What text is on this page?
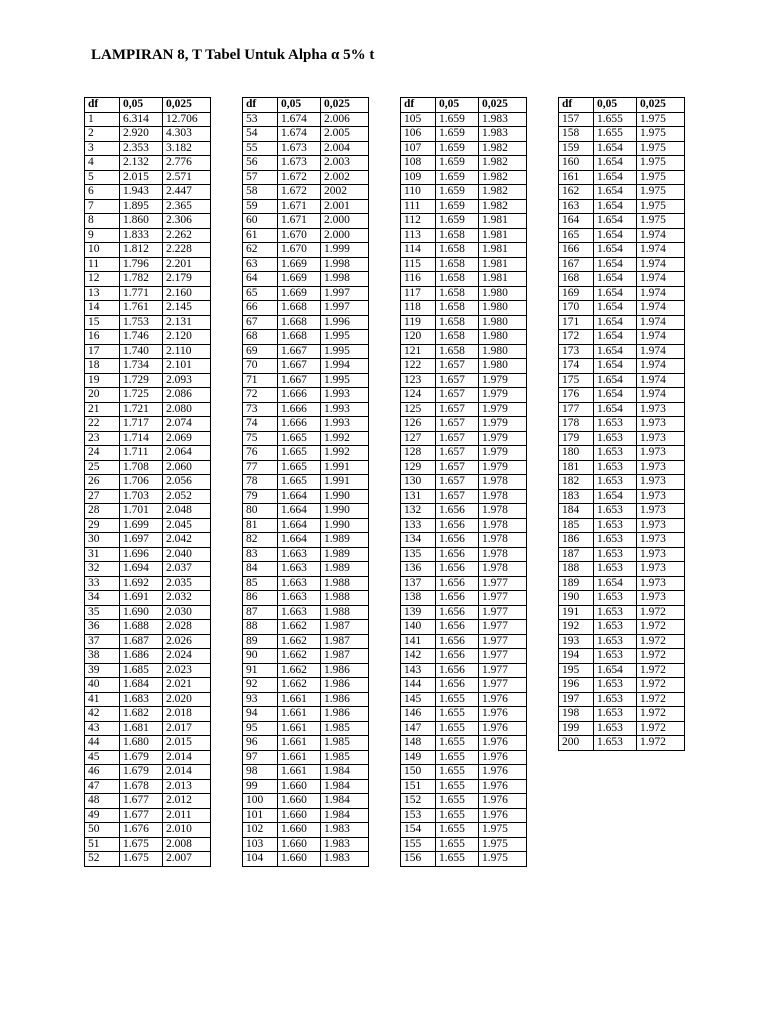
LAMPIRAN 8, T Tabel Untuk Alpha α 5% t
df	0,05	0,025
1	6.314	12.706
2	2.920	4.303
3	2.353	3.182
4	2.132	2.776
5	2.015	2.571
6	1.943	2.447
7	1.895	2.365
8	1.860	2.306
9	1.833	2.262
10	1.812	2.228
11	1.796	2.201
12	1.782	2.179
13	1.771	2.160
14	1.761	2.145
15	1.753	2.131
16	1.746	2.120
17	1.740	2.110
18	1.734	2.101
19	1.729	2.093
20	1.725	2.086
21	1.721	2.080
22	1.717	2.074
23	1.714	2.069
24	1.711	2.064
25	1.708	2.060
26	1.706	2.056
27	1.703	2.052
28	1.701	2.048
29	1.699	2.045
30	1.697	2.042
31	1.696	2.040
32	1.694	2.037
33	1.692	2.035
34	1.691	2.032
35	1.690	2.030
36	1.688	2.028
37	1.687	2.026
38	1.686	2.024
39	1.685	2.023
40	1.684	2.021
41	1.683	2.020
42	1.682	2.018
43	1.681	2.017
44	1.680	2.015
45	1.679	2.014
46	1.679	2.014
47	1.678	2.013
48	1.677	2.012
49	1.677	2.011
50	1.676	2.010
51	1.675	2.008
52	1.675	2.007
df	0,05	0,025
53	1.674	2.006
54	1.674	2.005
55	1.673	2.004
56	1.673	2.003
57	1.672	2.002
58	1.672	2002
59	1.671	2.001
60	1.671	2.000
61	1.670	2.000
62	1.670	1.999
63	1.669	1.998
64	1.669	1.998
65	1.669	1.997
66	1.668	1.997
67	1.668	1.996
68	1.668	1.995
69	1.667	1.995
70	1.667	1.994
71	1.667	1.995
72	1.666	1.993
73	1.666	1.993
74	1.666	1.993
75	1.665	1.992
76	1.665	1.992
77	1.665	1.991
78	1.665	1.991
79	1.664	1.990
80	1.664	1.990
81	1.664	1.990
82	1.664	1.989
83	1.663	1.989
84	1.663	1.989
85	1.663	1.988
86	1.663	1.988
87	1.663	1.988
88	1.662	1.987
89	1.662	1.987
90	1.662	1.987
91	1.662	1.986
92	1.662	1.986
93	1.661	1.986
94	1.661	1.986
95	1.661	1.985
96	1.661	1.985
97	1.661	1.985
98	1.661	1.984
99	1.660	1.984
100	1.660	1.984
101	1.660	1.984
102	1.660	1.983
103	1.660	1.983
104	1.660	1.983
df	0,05	0,025
105	1.659	1.983
106	1.659	1.983
107	1.659	1.982
108	1.659	1.982
109	1.659	1.982
110	1.659	1.982
111	1.659	1.982
112	1.659	1.981
113	1.658	1.981
114	1.658	1.981
115	1.658	1.981
116	1.658	1.981
117	1.658	1.980
118	1.658	1.980
119	1.658	1.980
120	1.658	1.980
121	1.658	1.980
122	1.657	1.980
123	1.657	1.979
124	1.657	1.979
125	1.657	1.979
126	1.657	1.979
127	1.657	1.979
128	1.657	1.979
129	1.657	1.979
130	1.657	1.978
131	1.657	1.978
132	1.656	1.978
133	1.656	1.978
134	1.656	1.978
135	1.656	1.978
136	1.656	1.978
137	1.656	1.977
138	1.656	1.977
139	1.656	1.977
140	1.656	1.977
141	1.656	1.977
142	1.656	1.977
143	1.656	1.977
144	1.656	1.977
145	1.655	1.976
146	1.655	1.976
147	1.655	1.976
148	1.655	1.976
149	1.655	1.976
150	1.655	1.976
151	1.655	1.976
152	1.655	1.976
153	1.655	1.976
154	1.655	1.975
155	1.655	1.975
156	1.655	1.975
df	0,05	0,025
157	1.655	1.975
158	1.655	1.975
159	1.654	1.975
160	1.654	1.975
161	1.654	1.975
162	1.654	1.975
163	1.654	1.975
164	1.654	1.975
165	1.654	1.974
166	1.654	1.974
167	1.654	1.974
168	1.654	1.974
169	1.654	1.974
170	1.654	1.974
171	1.654	1.974
172	1.654	1.974
173	1.654	1.974
174	1.654	1.974
175	1.654	1.974
176	1.654	1.974
177	1.654	1.973
178	1.653	1.973
179	1.653	1.973
180	1.653	1.973
181	1.653	1.973
182	1.653	1.973
183	1.654	1.973
184	1.653	1.973
185	1.653	1.973
186	1.653	1.973
187	1.653	1.973
188	1.653	1.973
189	1.654	1.973
190	1.653	1.973
191	1.653	1.972
192	1.653	1.972
193	1.653	1.972
194	1.653	1.972
195	1.654	1.972
196	1.653	1.972
197	1.653	1.972
198	1.653	1.972
199	1.653	1.972
200	1.653	1.972
